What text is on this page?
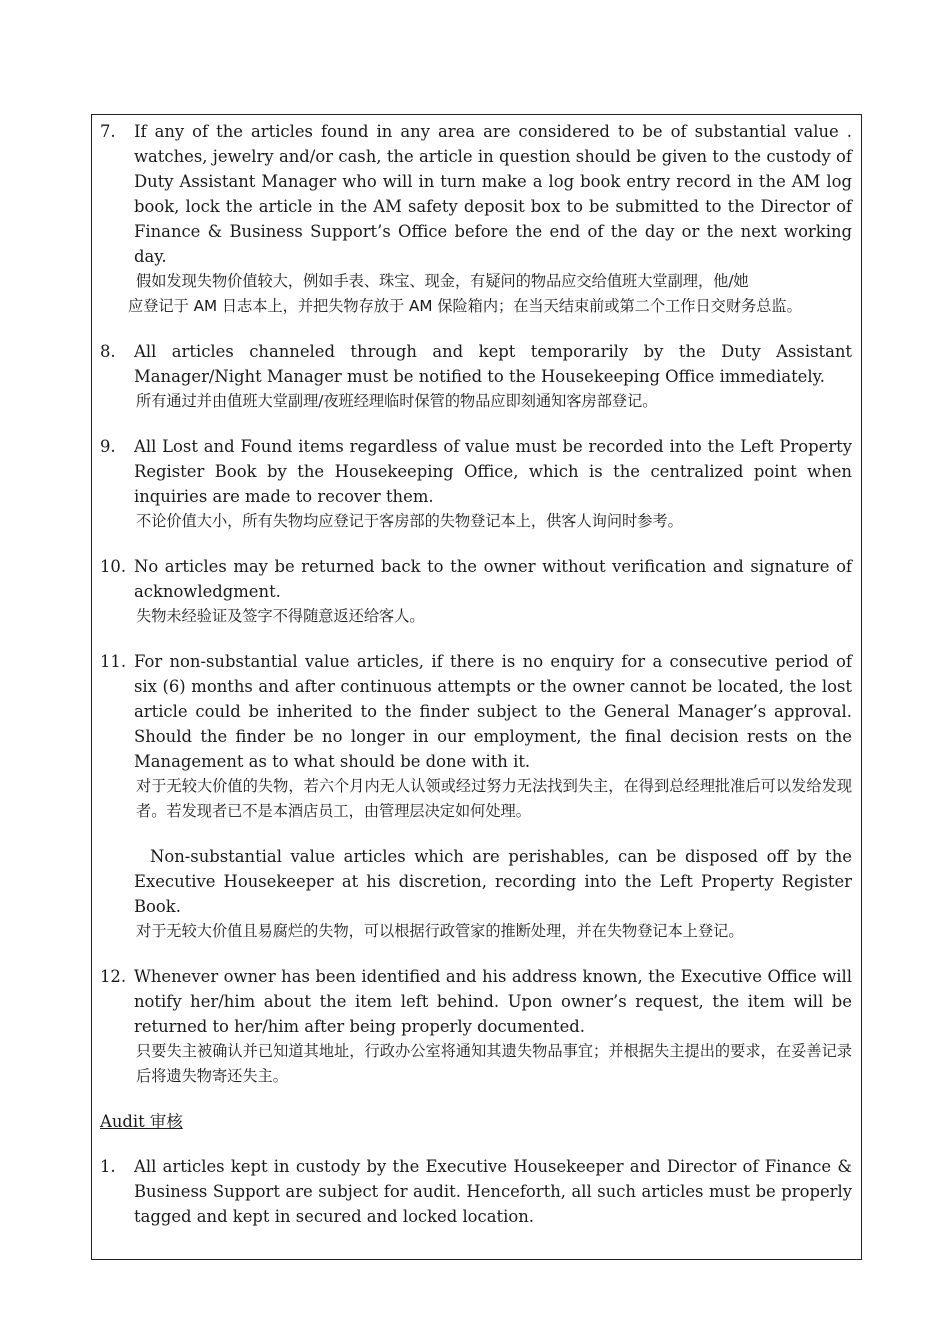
7.	If any of the articles found in any area are considered to be of substantial value . watches, jewelry and/or cash, the article in question should be given to the custody of Duty Assistant Manager who will in turn make a log book entry record in the AM log book, lock the article in the AM safety deposit box to be submitted to the Director of Finance & Business Support’s Office before the end of the day or the next working day.

假如发现失物价值较大，例如手表、珠宝、现金，有疑问的物品应交给值班大堂副理，他/她

应登记于 AM 日志本上，并把失物存放于 AM 保险箱内；在当天结束前或第二个工作日交财务总监。

8.	All articles channeled through and kept temporarily by the Duty Assistant Manager/Night Manager must be notified to the Housekeeping Office immediately.

所有通过并由值班大堂副理/夜班经理临时保管的物品应即刻通知客房部登记。

9.	All Lost and Found items regardless of value must be recorded into the Left Property Register Book by the Housekeeping Office, which is the centralized point when inquiries are made to recover them.

不论价值大小，所有失物均应登记于客房部的失物登记本上，供客人询问时参考。

10. No articles may be returned back to the owner without verification and signature of acknowledgment.

失物未经验证及签字不得随意返还给客人。

11. For non-substantial value articles, if there is no enquiry for a consecutive period of six (6) months and after continuous attempts or the owner cannot be located, the lost article could be inherited to the finder subject to the General Manager’s approval. Should the finder be no longer in our employment, the final decision rests on the Management as to what should be done with it.

对于无较大价值的失物，若六个月内无人认领或经过努力无法找到失主，在得到总经理批准后可以发给发现者。若发现者已不是本酒店员工，由管理层决定如何处理。

Non-substantial value articles which are perishables, can be disposed off by the Executive Housekeeper at his discretion, recording into the Left Property Register Book.

对于无较大价值且易腐烂的失物，可以根据行政管家的推断处理，并在失物登记本上登记。

12. Whenever owner has been identified and his address known, the Executive Office will notify her/him about the item left behind. Upon owner’s request, the item will be returned to her/him after being properly documented.

只要失主被确认并已知道其地址，行政办公室将通知其遗失物品事宜；并根据失主提出的要求，在妥善记录后将遗失物寄还失主。

Audit 审核

1.	All articles kept in custody by the Executive Housekeeper and Director of Finance & Business Support are subject for audit. Henceforth, all such articles must be properly tagged and kept in secured and locked location.
